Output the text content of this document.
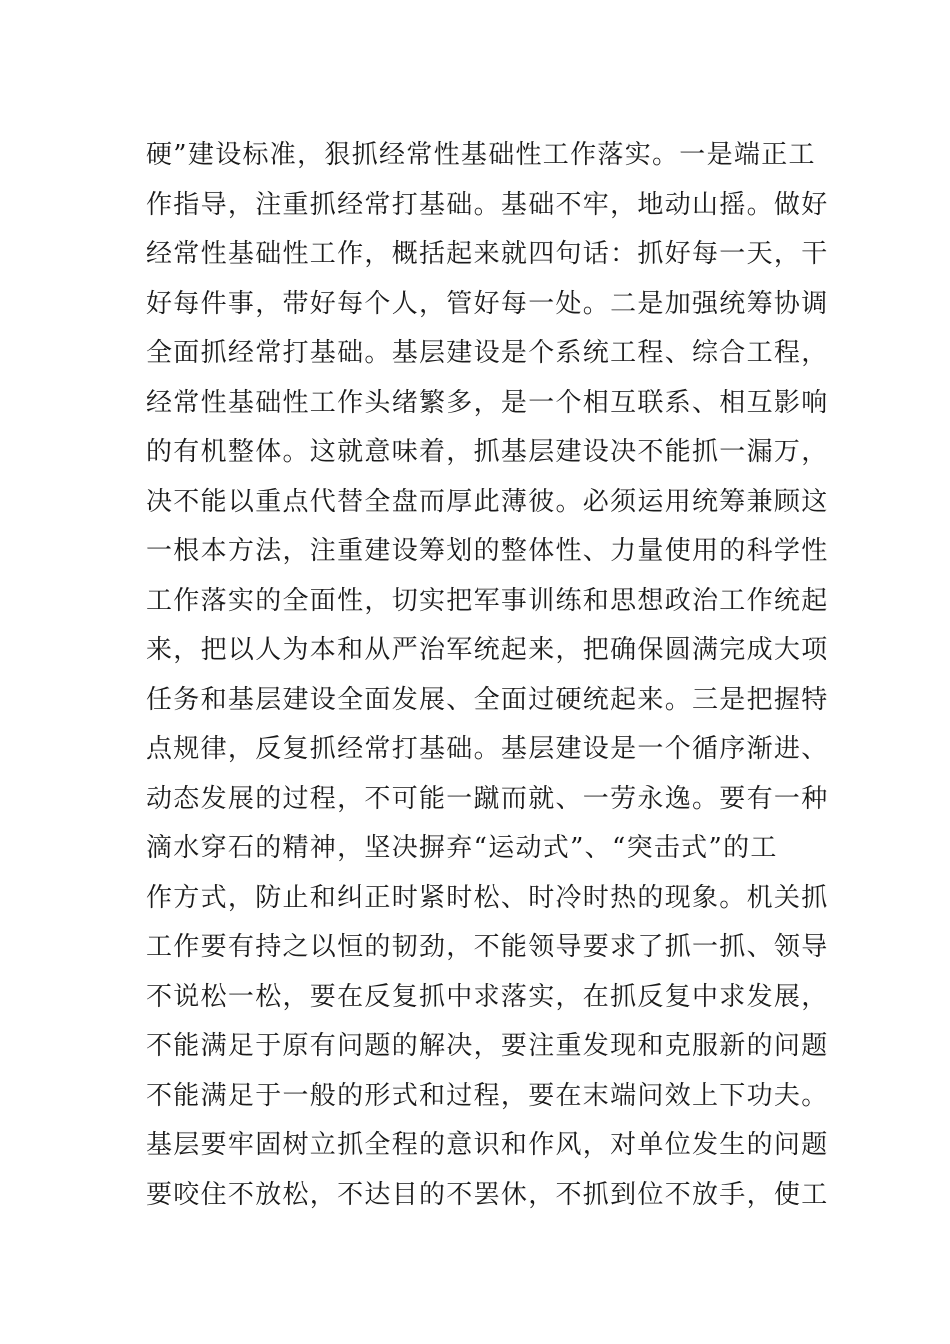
硬”建设标准，狠抓经常性基础性工作落实。一是端正工
作指导，注重抓经常打基础。基础不牢，地动山摇。做好
经常性基础性工作，概括起来就四句话：抓好每一天，干
好每件事，带好每个人，管好每一处。二是加强统筹协调
全面抓经常打基础。基层建设是个系统工程、综合工程，
经常性基础性工作头绪繁多，是一个相互联系、相互影响
的有机整体。这就意味着，抓基层建设决不能抓一漏万，
决不能以重点代替全盘而厚此薄彼。必须运用统筹兼顾这
一根本方法，注重建设筹划的整体性、力量使用的科学性
工作落实的全面性，切实把军事训练和思想政治工作统起
来，把以人为本和从严治军统起来，把确保圆满完成大项
任务和基层建设全面发展、全面过硬统起来。三是把握特
点规律，反复抓经常打基础。基层建设是一个循序渐进、
动态发展的过程，不可能一蹴而就、一劳永逸。要有一种
滴水穿石的精神，坚决摒弃“运动式”、“突击式”的工
作方式，防止和纠正时紧时松、时冷时热的现象。机关抓
工作要有持之以恒的韧劲，不能领导要求了抓一抓、领导
不说松一松，要在反复抓中求落实，在抓反复中求发展，
不能满足于原有问题的解决，要注重发现和克服新的问题
不能满足于一般的形式和过程，要在末端问效上下功夫。
基层要牢固树立抓全程的意识和作风，对单位发生的问题
要咬住不放松，不达目的不罢休，不抓到位不放手，使工
